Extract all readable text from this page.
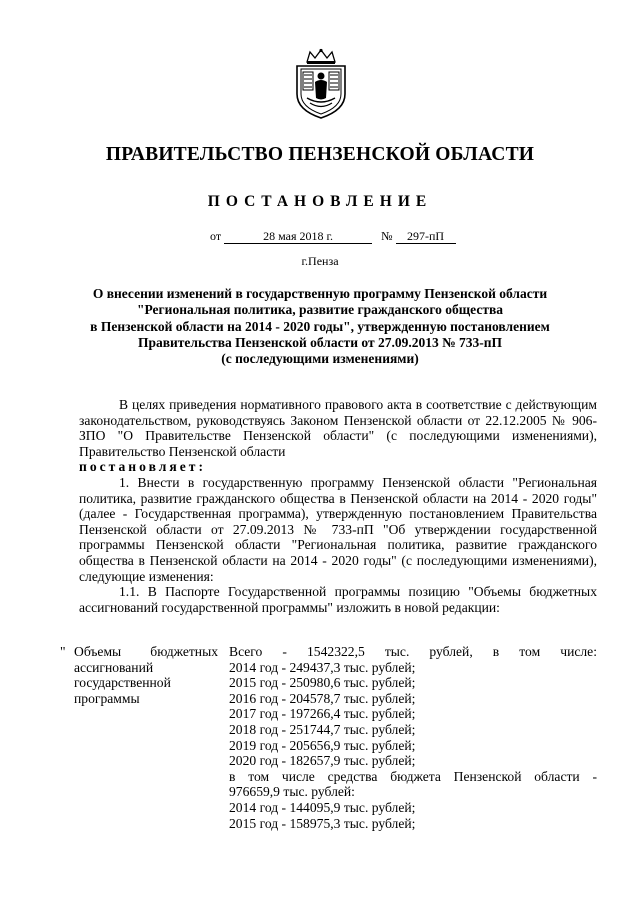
ПРАВИТЕЛЬСТВО ПЕНЗЕНСКОЙ ОБЛАСТИ
ПОСТАНОВЛЕНИЕ
от	28 мая 2018 г.	№ 297-пП
г.Пенза
О внесении изменений в государственную программу Пензенской области
"Региональная политика, развитие гражданского общества
в Пензенской области на 2014 - 2020 годы", утвержденную постановлением
Правительства Пензенской области от 27.09.2013 № 733-пП
(с последующими изменениями)

В целях приведения нормативного правового акта в соответствие с действующим законодательством, руководствуясь Законом Пензенской области от 22.12.2005 № 906-ЗПО "О Правительстве Пензенской области" (с последующими изменениями), Правительство Пензенской области

постановляет:

1. Внести в государственную программу Пензенской области "Региональная политика, развитие гражданского общества в Пензенской области на 2014 - 2020 годы" (далее - Государственная программа), утвержденную постановлением Правительства Пензенской области от 27.09.2013 № 733-пП "Об утверждении государственной программы Пензенской области "Региональная политика, развитие гражданского общества в Пензенской области на 2014 - 2020 годы" (с последующими изменениями), следующие изменения:

1.1. В Паспорте Государственной программы позицию "Объемы бюджетных ассигнований государственной программы" изложить в новой редакции:

" Объемы бюджетных
ассигнований
государственной
программы
Всего - 1542322,5 тыс. рублей, в том числе:
2014 год - 249437,3 тыс. рублей;
2015 год - 250980,6 тыс. рублей;
2016 год - 204578,7 тыс. рублей;
2017 год - 197266,4 тыс. рублей;
2018 год - 251744,7 тыс. рублей;
2019 год - 205656,9 тыс. рублей;
2020 год - 182657,9 тыс. рублей;
в том числе средства бюджета Пензенской области -
976659,9 тыс. рублей:
2014 год - 144095,9 тыс. рублей;
2015 год - 158975,3 тыс. рублей;
